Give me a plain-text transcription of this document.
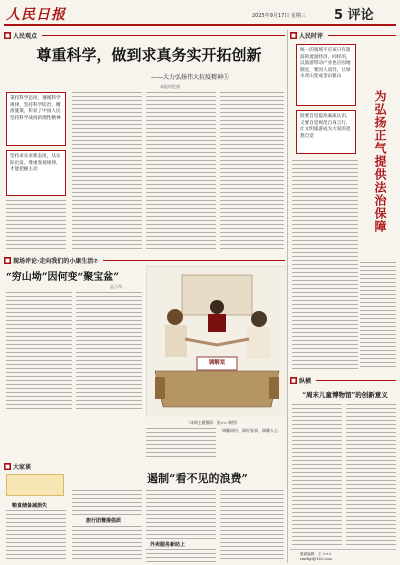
人民日报	2025年9月17日 星期三 5 评论
■ 人民观点
尊重科学，做到求真务实开拓创新
——大力弘扬伟大抗疫精神⑤
本报评论部
秉持科学态度，遵循科学规律，坚持科学防治、精准施策，彰显了中国人民坚持科学战疫的理性精神
坚持求实求新态度，从实际出发、尊重客观规律，才能把握主动
■ 现场评论·走向我们的小康生活⑦
“穷山坳”因何变“聚宝盆”
孟子昂
调解室
（本期主题摄影：张×× 制图）
调解纠纷，调好家事，调顺人心
■ 大家谈
遏制“看不见的浪费”
粮食储备减损失
旅行团餐提倡质
外卖服务新助上
■ 人民时评
统一的领域不应该只有旅游的流量经济，同样的，以旅游带动产业也应因地制宜，要因人而异，让绿水青山变成金山银山
既要自觉提高素质认识，又要自觉规范自身言行，让文明旅游成为大家的思想自觉	为弘扬正气提供法治保障
■ 纵横
“周末儿童博物馆”的创新意义
版面编辑：王 ×××
rmrbpl@163.com
